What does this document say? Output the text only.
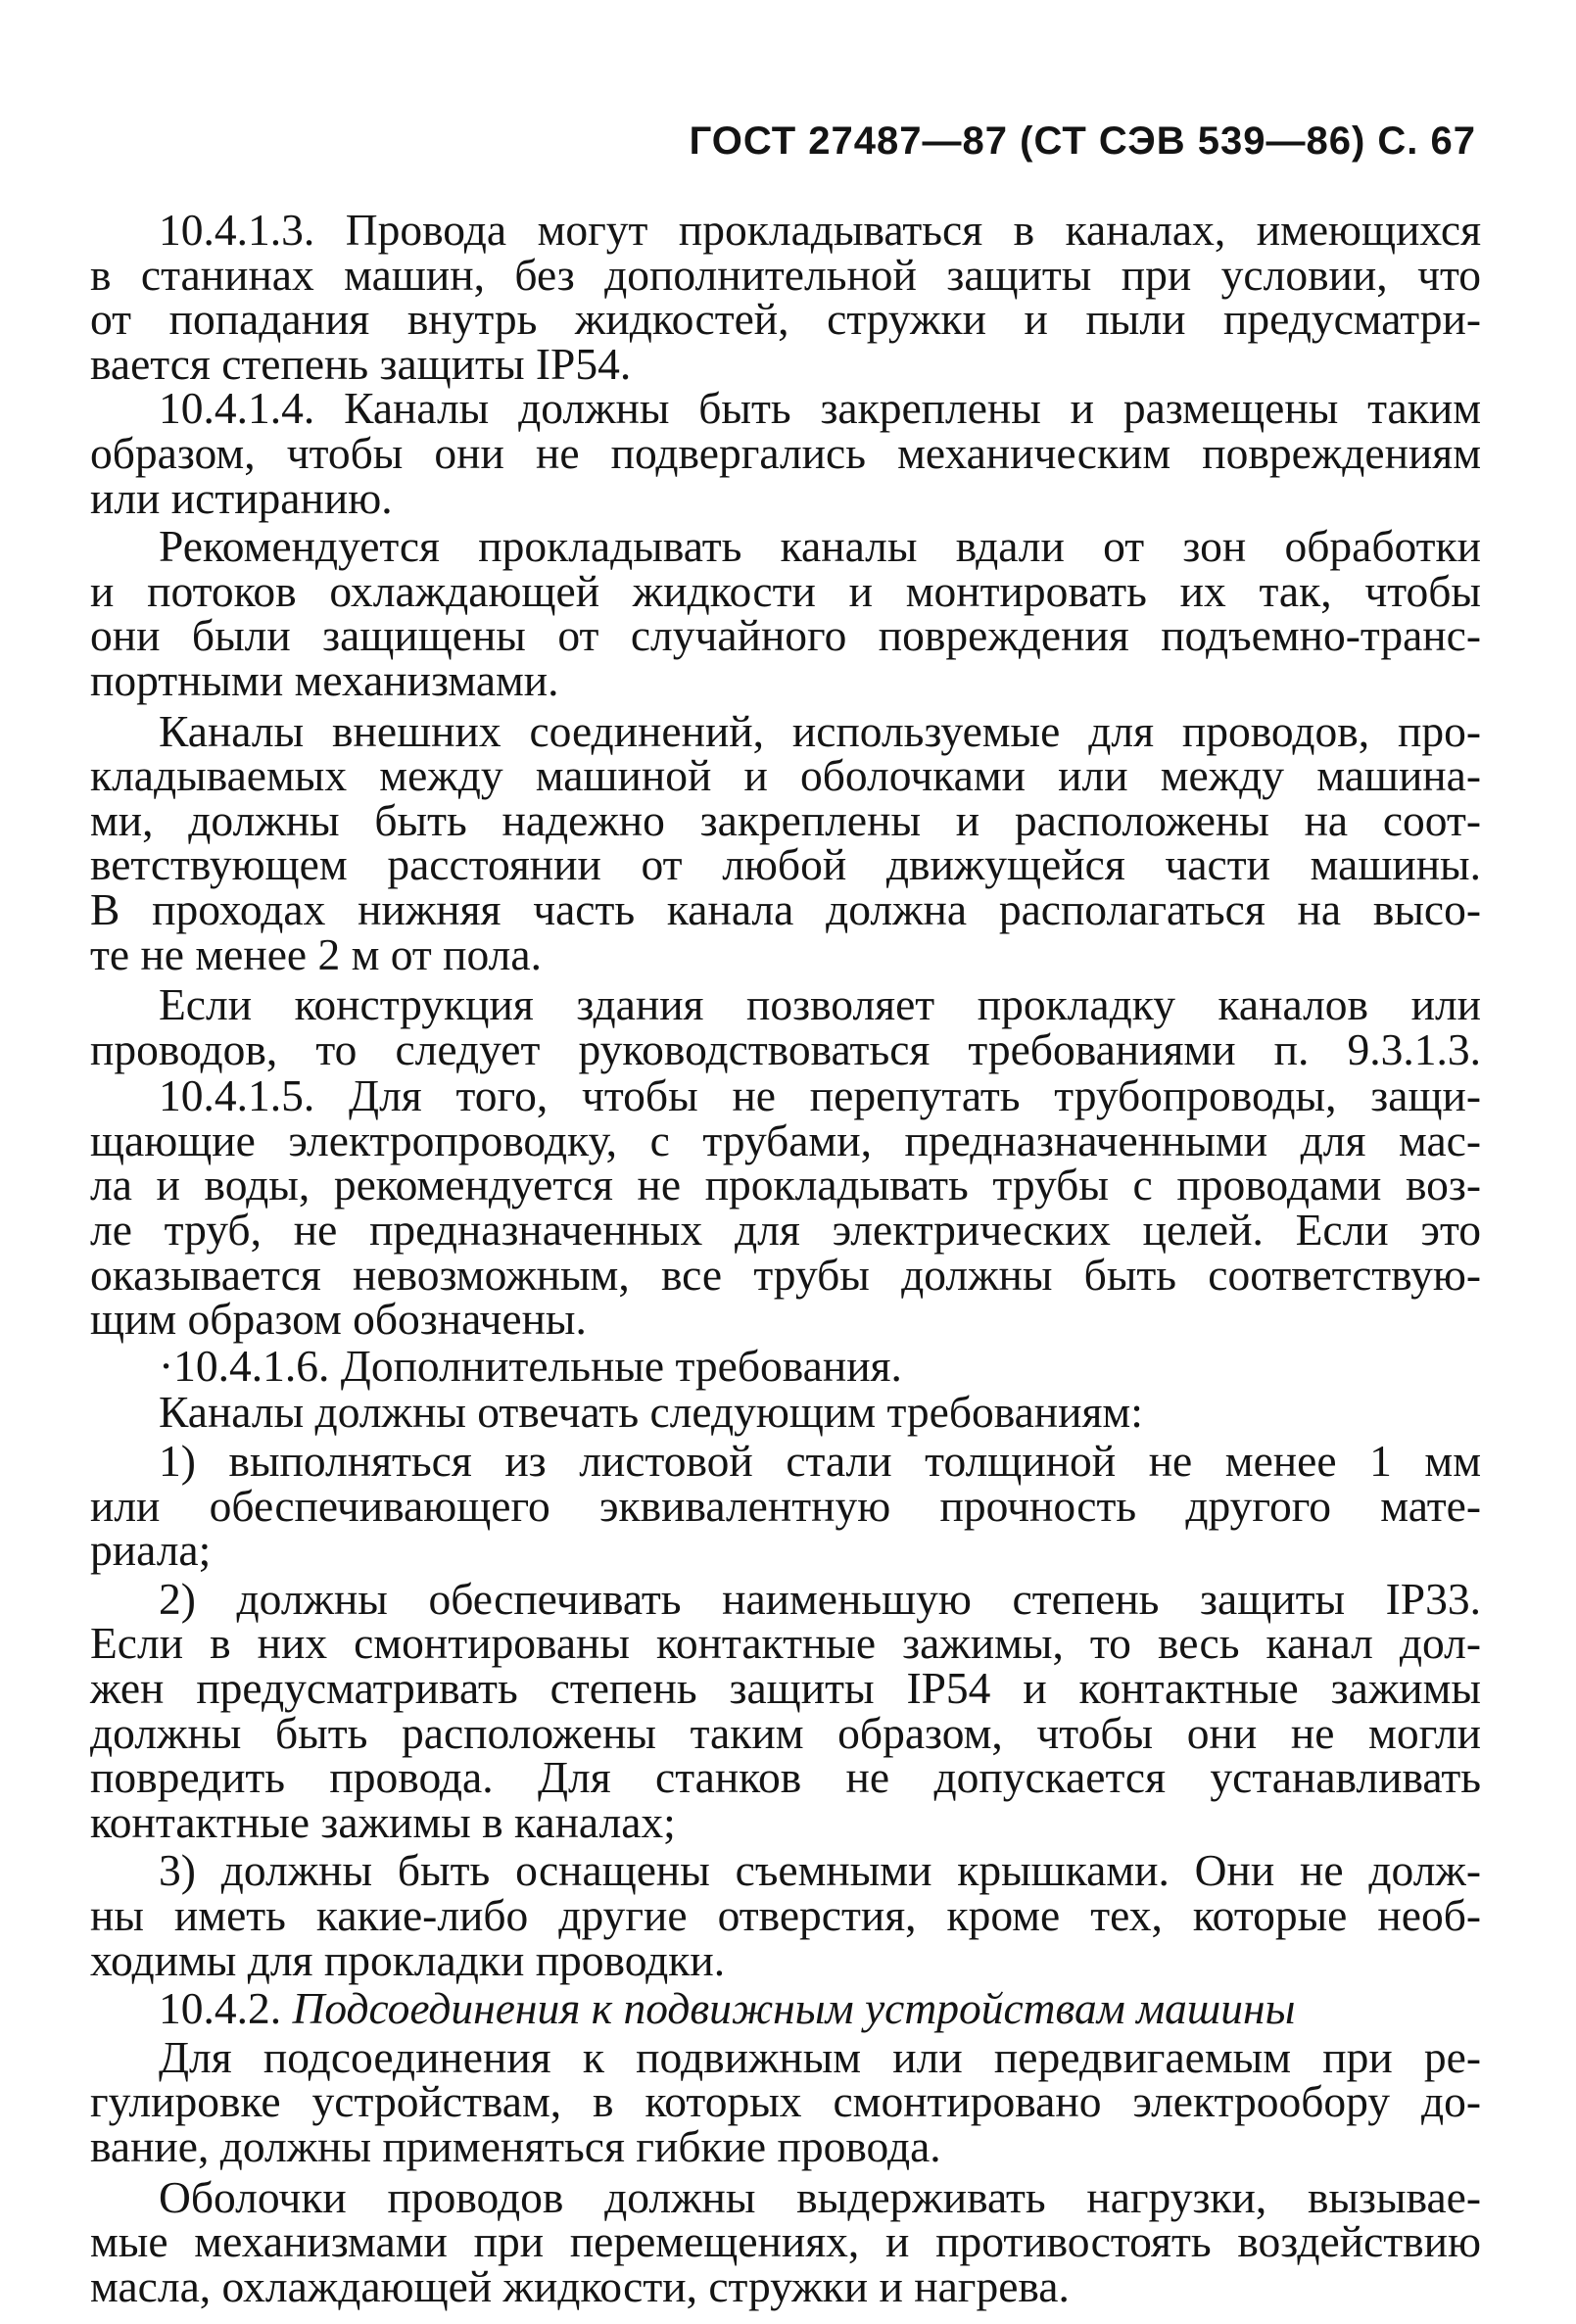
ГОСТ 27487—87 (СТ СЭВ 539—86) С. 67

10.4.1.3. Провода могут прокладываться в каналах, имеющихся
в станинах машин, без дополнительной защиты при условии, что
от попадания внутрь жидкостей, стружки и пыли предусматри-
вается степень защиты IP54.
10.4.1.4. Каналы должны быть закреплены и размещены таким
образом, чтобы они не подвергались механическим повреждениям
или истиранию.
Рекомендуется прокладывать каналы вдали от зон обработки
и потоков охлаждающей жидкости и монтировать их так, чтобы
они были защищены от случайного повреждения подъемно-транс-
портными механизмами.
Каналы внешних соединений, используемые для проводов, про-
кладываемых между машиной и оболочками или между машина-
ми, должны быть надежно закреплены и расположены на соот-
ветствующем расстоянии от любой движущейся части машины.
В проходах нижняя часть канала должна располагаться на высо-
те не менее 2 м от пола.
Если конструкция здания позволяет прокладку каналов или
проводов, то следует руководствоваться требованиями п. 9.3.1.3.
10.4.1.5. Для того, чтобы не перепутать трубопроводы, защи-
щающие электропроводку, с трубами, предназначенными для мас-
ла и воды, рекомендуется не прокладывать трубы с проводами воз-
ле труб, не предназначенных для электрических целей. Если это
оказывается невозможным, все трубы должны быть соответствую-
щим образом обозначены.
·10.4.1.6. Дополнительные требования.
Каналы должны отвечать следующим требованиям:
1) выполняться из листовой стали толщиной не менее 1 мм
или обеспечивающего эквивалентную прочность другого мате-
риала;
2) должны обеспечивать наименьшую степень защиты IP33.
Если в них смонтированы контактные зажимы, то весь канал дол-
жен предусматривать степень защиты IP54 и контактные зажимы
должны быть расположены таким образом, чтобы они не могли
повредить провода. Для станков не допускается устанавливать
контактные зажимы в каналах;
3) должны быть оснащены съемными крышками. Они не долж-
ны иметь какие-либо другие отверстия, кроме тех, которые необ-
ходимы для прокладки проводки.
10.4.2. Подсоединения к подвижным устройствам машины
Для подсоединения к подвижным или передвигаемым при ре-
гулировке устройствам, в которых смонтировано электрообору до-
вание, должны применяться гибкие провода.
Оболочки проводов должны выдерживать нагрузки, вызывае-
мые механизмами при перемещениях, и противостоять воздействию
масла, охлаждающей жидкости, стружки и нагрева.
